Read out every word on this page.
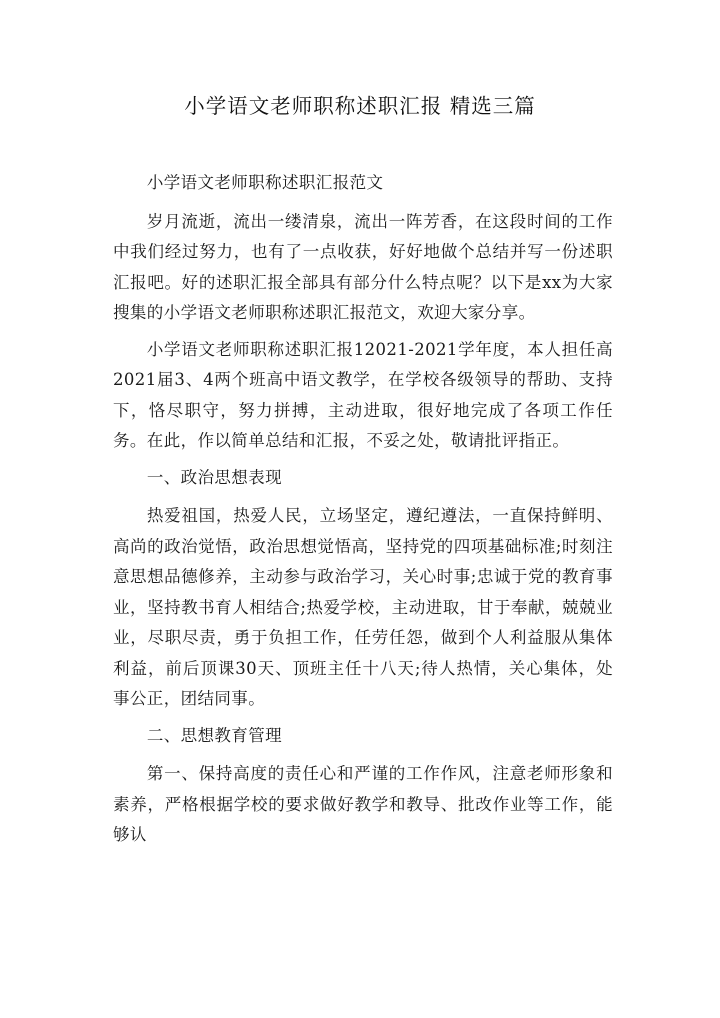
小学语文老师职称述职汇报 精选三篇

小学语文老师职称述职汇报范文

岁月流逝，流出一缕清泉，流出一阵芳香，在这段时间的工作中我们经过努力，也有了一点收获，好好地做个总结并写一份述职汇报吧。好的述职汇报全部具有部分什么特点呢？以下是xx为大家搜集的小学语文老师职称述职汇报范文，欢迎大家分享。

小学语文老师职称述职汇报12021-2021学年度，本人担任高2021届3、4两个班高中语文教学，在学校各级领导的帮助、支持下，恪尽职守，努力拼搏，主动进取，很好地完成了各项工作任务。在此，作以简单总结和汇报，不妥之处，敬请批评指正。

一、政治思想表现

热爱祖国，热爱人民，立场坚定，遵纪遵法，一直保持鲜明、高尚的政治觉悟，政治思想觉悟高，坚持党的四项基础标准;时刻注意思想品德修养，主动参与政治学习，关心时事;忠诚于党的教育事业，坚持教书育人相结合;热爱学校，主动进取，甘于奉献，兢兢业业，尽职尽责，勇于负担工作，任劳任怨，做到个人利益服从集体利益，前后顶课30天、顶班主任十八天;待人热情，关心集体，处事公正，团结同事。

二、思想教育管理

第一、保持高度的责任心和严谨的工作作风，注意老师形象和素养，严格根据学校的要求做好教学和教导、批改作业等工作，能够认
